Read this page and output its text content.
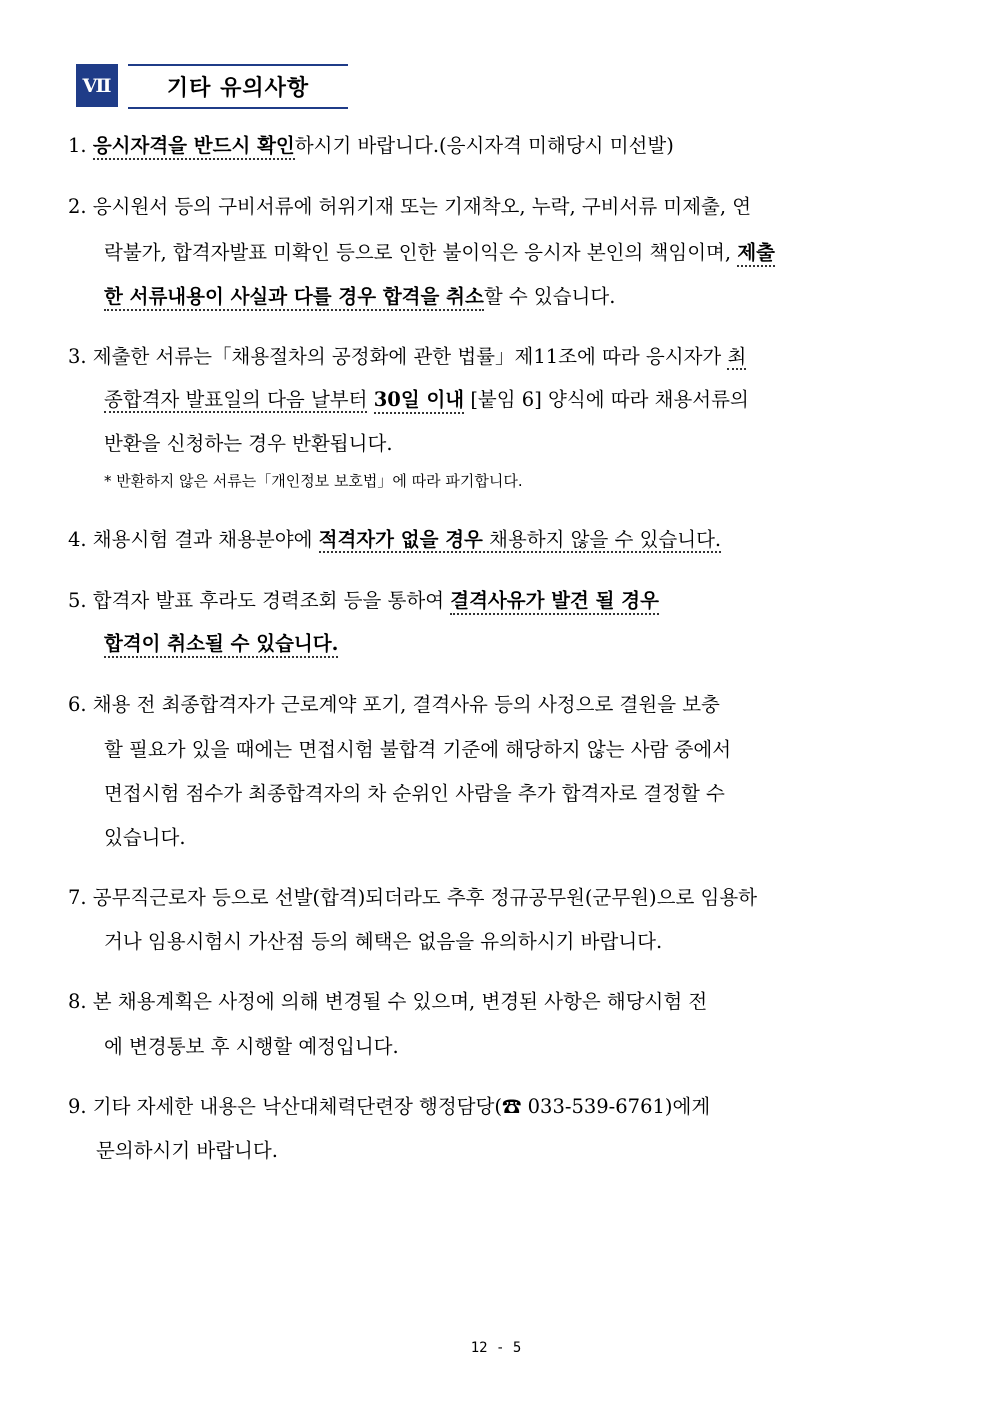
Ⅶ	기타 유의사항
1. 응시자격을 반드시 확인하시기 바랍니다.(응시자격 미해당시 미선발)
2. 응시원서 등의 구비서류에 허위기재 또는 기재착오, 누락, 구비서류 미제출, 연
락불가, 합격자발표 미확인 등으로 인한 불이익은 응시자 본인의 책임이며, 제출
한 서류내용이 사실과 다를 경우 합격을 취소할 수 있습니다.
3. 제출한 서류는「채용절차의 공정화에 관한 법률」제11조에 따라 응시자가 최
종합격자 발표일의 다음 날부터 30일 이내 [붙임 6] 양식에 따라 채용서류의
반환을 신청하는 경우 반환됩니다.
* 반환하지 않은 서류는「개인정보 보호법」에 따라 파기합니다.
4. 채용시험 결과 채용분야에 적격자가 없을 경우 채용하지 않을 수 있습니다.
5. 합격자 발표 후라도 경력조회 등을 통하여 결격사유가 발견 될 경우
합격이 취소될 수 있습니다.
6. 채용 전 최종합격자가 근로계약 포기, 결격사유 등의 사정으로 결원을 보충
할 필요가 있을 때에는 면접시험 불합격 기준에 해당하지 않는 사람 중에서
면접시험 점수가 최종합격자의 차 순위인 사람을 추가 합격자로 결정할 수
있습니다.
7. 공무직근로자 등으로 선발(합격)되더라도 추후 정규공무원(군무원)으로 임용하
거나 임용시험시 가산점 등의 혜택은 없음을 유의하시기 바랍니다.
8. 본 채용계획은 사정에 의해 변경될 수 있으며, 변경된 사항은 해당시험 전
에 변경통보 후 시행할 예정입니다.
9. 기타 자세한 내용은 낙산대체력단련장 행정담당(☎ 033-539-6761)에게
문의하시기 바랍니다.
12 - 5
